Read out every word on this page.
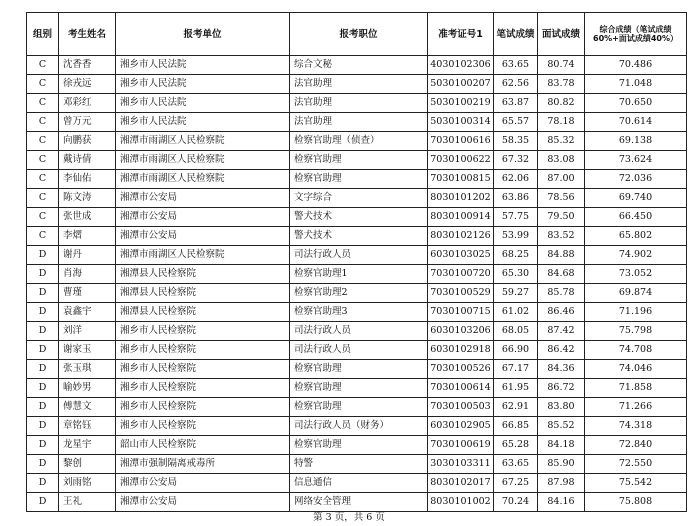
组别	考生姓名	报考单位	报考职位	准考证号1	笔试成绩	面试成绩	综合成绩（笔试成绩60%+面试成绩40%）
C	沈香香	湘乡市人民法院	综合文秘	4030102306	63.65	80.74	70.486
C	徐戎远	湘乡市人民法院	法官助理	5030100207	62.56	83.78	71.048
C	邓彩红	湘乡市人民法院	法官助理	5030100219	63.87	80.82	70.650
C	曾万元	湘乡市人民法院	法官助理	5030100314	65.57	78.18	70.614
C	向鹏获	湘潭市雨湖区人民检察院	检察官助理（侦查）	7030100616	58.35	85.32	69.138
C	戴诗倩	湘潭市雨湖区人民检察院	检察官助理	7030100622	67.32	83.08	73.624
C	李仙佑	湘潭市雨湖区人民检察院	检察官助理	7030100815	62.06	87.00	72.036
C	陈文涛	湘潭市公安局	文字综合	8030101202	63.86	78.56	69.740
C	张世成	湘潭市公安局	警犬技术	8030100914	57.75	79.50	66.450
C	李熠	湘潭市公安局	警犬技术	8030102126	53.99	83.52	65.802
D	谢丹	湘潭市雨湖区人民检察院	司法行政人员	6030103025	68.25	84.88	74.902
D	肖海	湘潭县人民检察院	检察官助理1	7030100720	65.30	84.68	73.052
D	曹瑾	湘潭县人民检察院	检察官助理2	7030100529	59.27	85.78	69.874
D	袁鑫宇	湘潭县人民检察院	检察官助理3	7030100715	61.02	86.46	71.196
D	刘洋	湘乡市人民检察院	司法行政人员	6030103206	68.05	87.42	75.798
D	谢家玉	湘乡市人民检察院	司法行政人员	6030102918	66.90	86.42	74.708
D	张玉琪	湘乡市人民检察院	检察官助理	7030100526	67.17	84.36	74.046
D	喻妙男	湘乡市人民检察院	检察官助理	7030100614	61.95	86.72	71.858
D	傅慧文	湘乡市人民检察院	检察官助理	7030100503	62.91	83.80	71.266
D	章铭钰	湘乡市人民检察院	司法行政人员（财务）	6030102905	66.85	85.52	74.318
D	龙星宇	韶山市人民检察院	检察官助理	7030100619	65.28	84.18	72.840
D	黎创	湘潭市强制隔离戒毒所	特警	3030103311	63.65	85.90	72.550
D	刘雨铭	湘潭市公安局	信息通信	8030102017	67.25	87.98	75.542
D	王礼	湘潭市公安局	网络安全管理	8030101002	70.24	84.16	75.808
第 3 页，共 6 页
